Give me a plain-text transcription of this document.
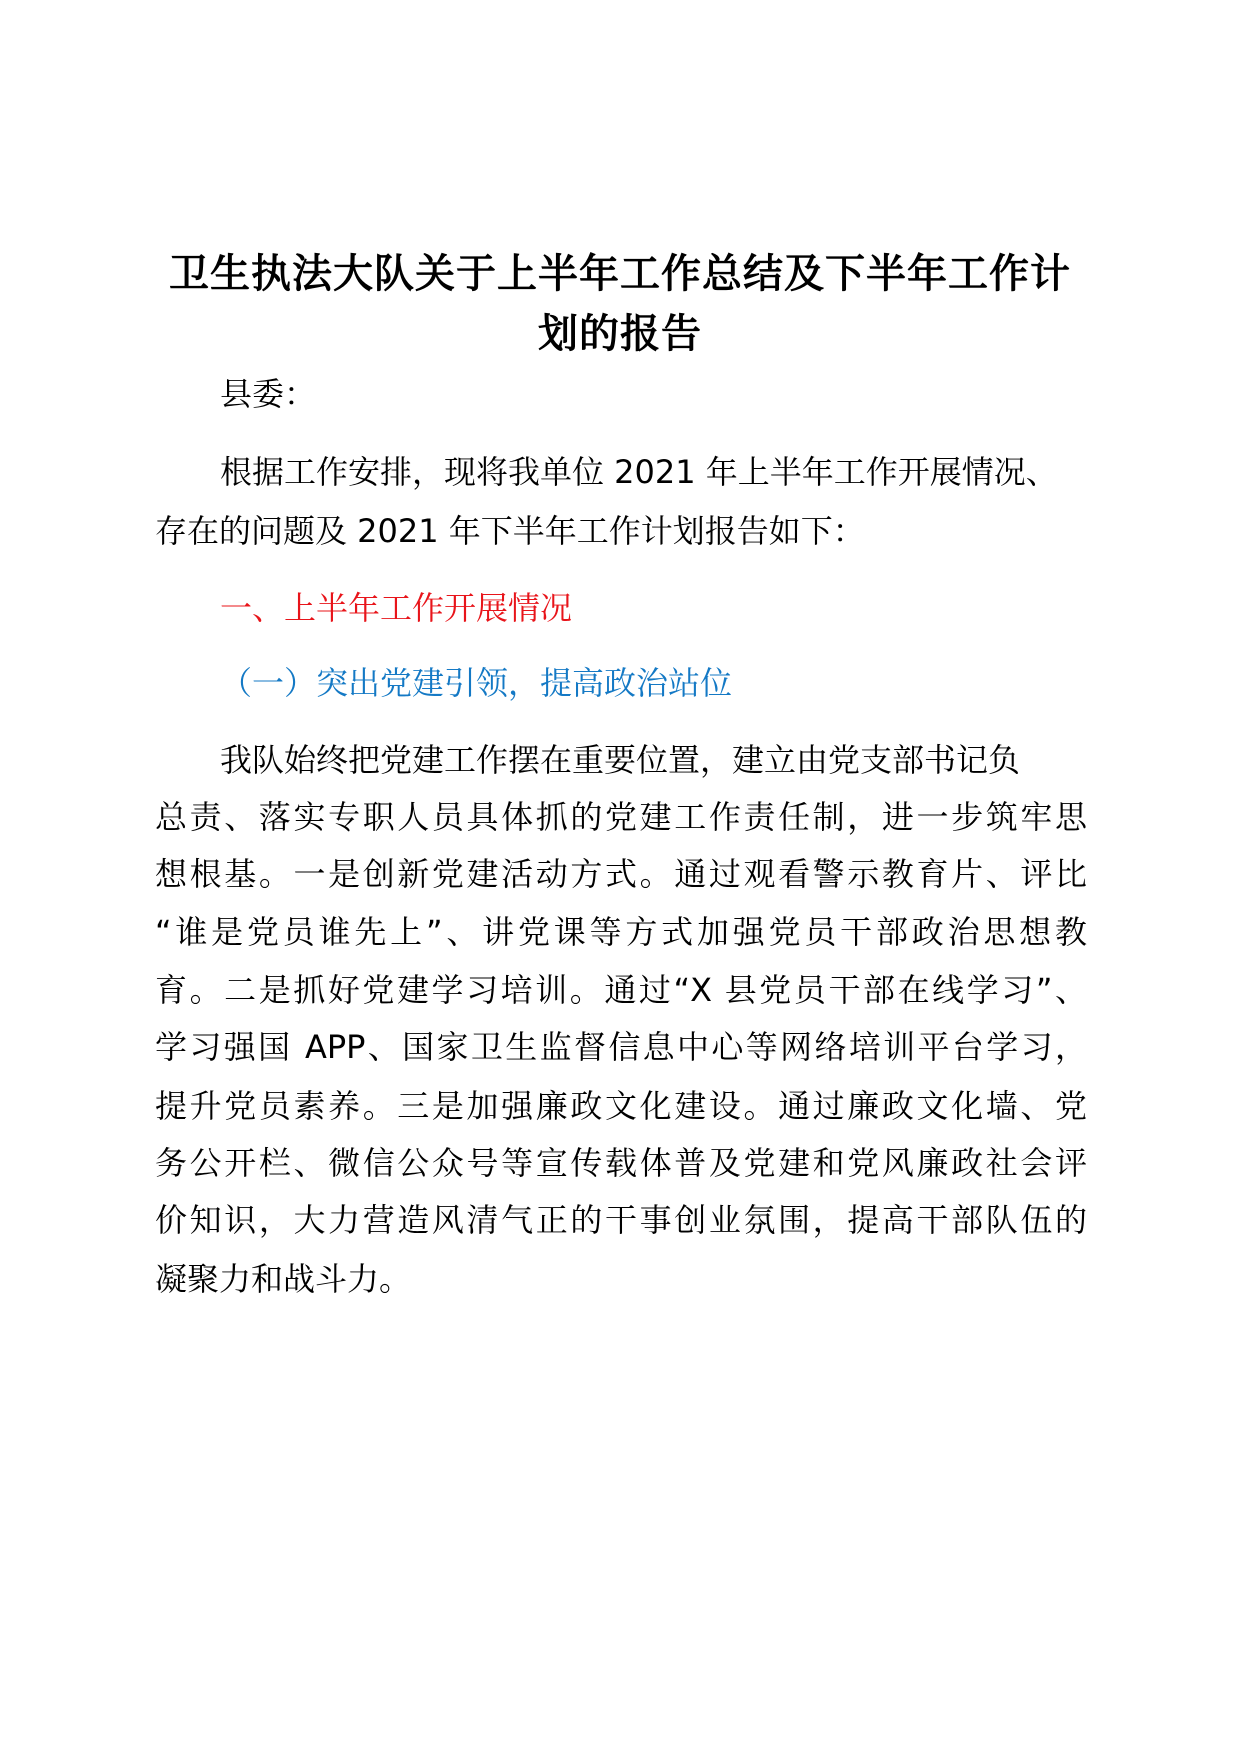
卫生执法大队关于上半年工作总结及下半年工作计划的报告
县委：
根据工作安排，现将我单位 2021 年上半年工作开展情况、
存在的问题及 2021 年下半年工作计划报告如下：
一、上半年工作开展情况
（一）突出党建引领，提高政治站位
我队始终把党建工作摆在重要位置，建立由党支部书记负
总责、落实专职人员具体抓的党建工作责任制，进一步筑牢思
想根基。一是创新党建活动方式。通过观看警示教育片、评比
“谁是党员谁先上”、讲党课等方式加强党员干部政治思想教
育。二是抓好党建学习培训。通过“X 县党员干部在线学习”、
学习强国 APP、国家卫生监督信息中心等网络培训平台学习，
提升党员素养。三是加强廉政文化建设。通过廉政文化墙、党
务公开栏、微信公众号等宣传载体普及党建和党风廉政社会评
价知识，大力营造风清气正的干事创业氛围，提高干部队伍的
凝聚力和战斗力。
